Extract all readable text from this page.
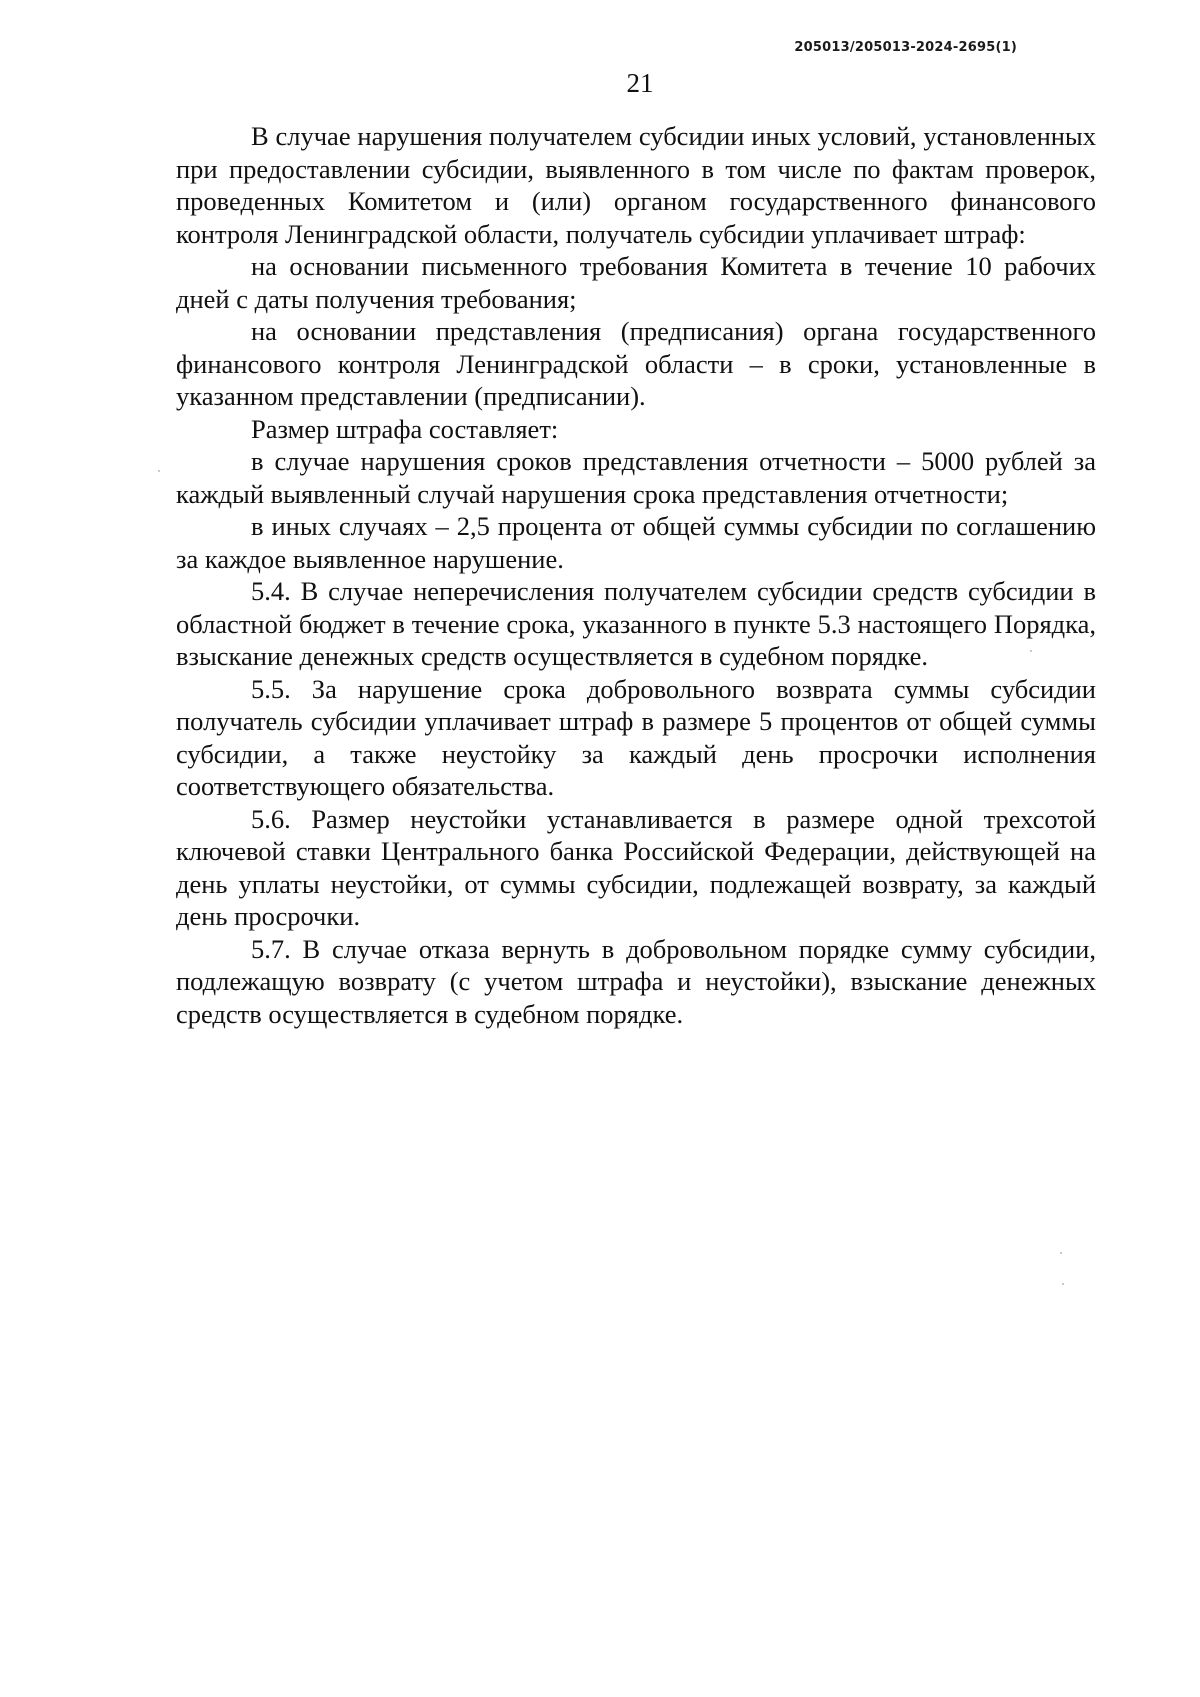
205013/205013-2024-2695(1)
21

В случае нарушения получателем субсидии иных условий, установленных при предоставлении субсидии, выявленного в том числе по фактам проверок, проведенных Комитетом и (или) органом государственного финансового контроля Ленинградской области, получатель субсидии уплачивает штраф:

на основании письменного требования Комитета в течение 10 рабочих дней с даты получения требования;

на основании представления (предписания) органа государственного финансового контроля Ленинградской области – в сроки, установленные в указанном представлении (предписании).

Размер штрафа составляет:

в случае нарушения сроков представления отчетности – 5000 рублей за каждый выявленный случай нарушения срока представления отчетности;

в иных случаях – 2,5 процента от общей суммы субсидии по соглашению за каждое выявленное нарушение.

5.4. В случае неперечисления получателем субсидии средств субсидии в областной бюджет в течение срока, указанного в пункте 5.3 настоящего Порядка, взыскание денежных средств осуществляется в судебном порядке.

5.5. За нарушение срока добровольного возврата суммы субсидии получатель субсидии уплачивает штраф в размере 5 процентов от общей суммы субсидии, а также неустойку за каждый день просрочки исполнения соответствующего обязательства.

5.6. Размер неустойки устанавливается в размере одной трехсотой ключевой ставки Центрального банка Российской Федерации, действующей на день уплаты неустойки, от суммы субсидии, подлежащей возврату, за каждый день просрочки.

5.7. В случае отказа вернуть в добровольном порядке сумму субсидии, подлежащую возврату (с учетом штрафа и неустойки), взыскание денежных средств осуществляется в судебном порядке.
